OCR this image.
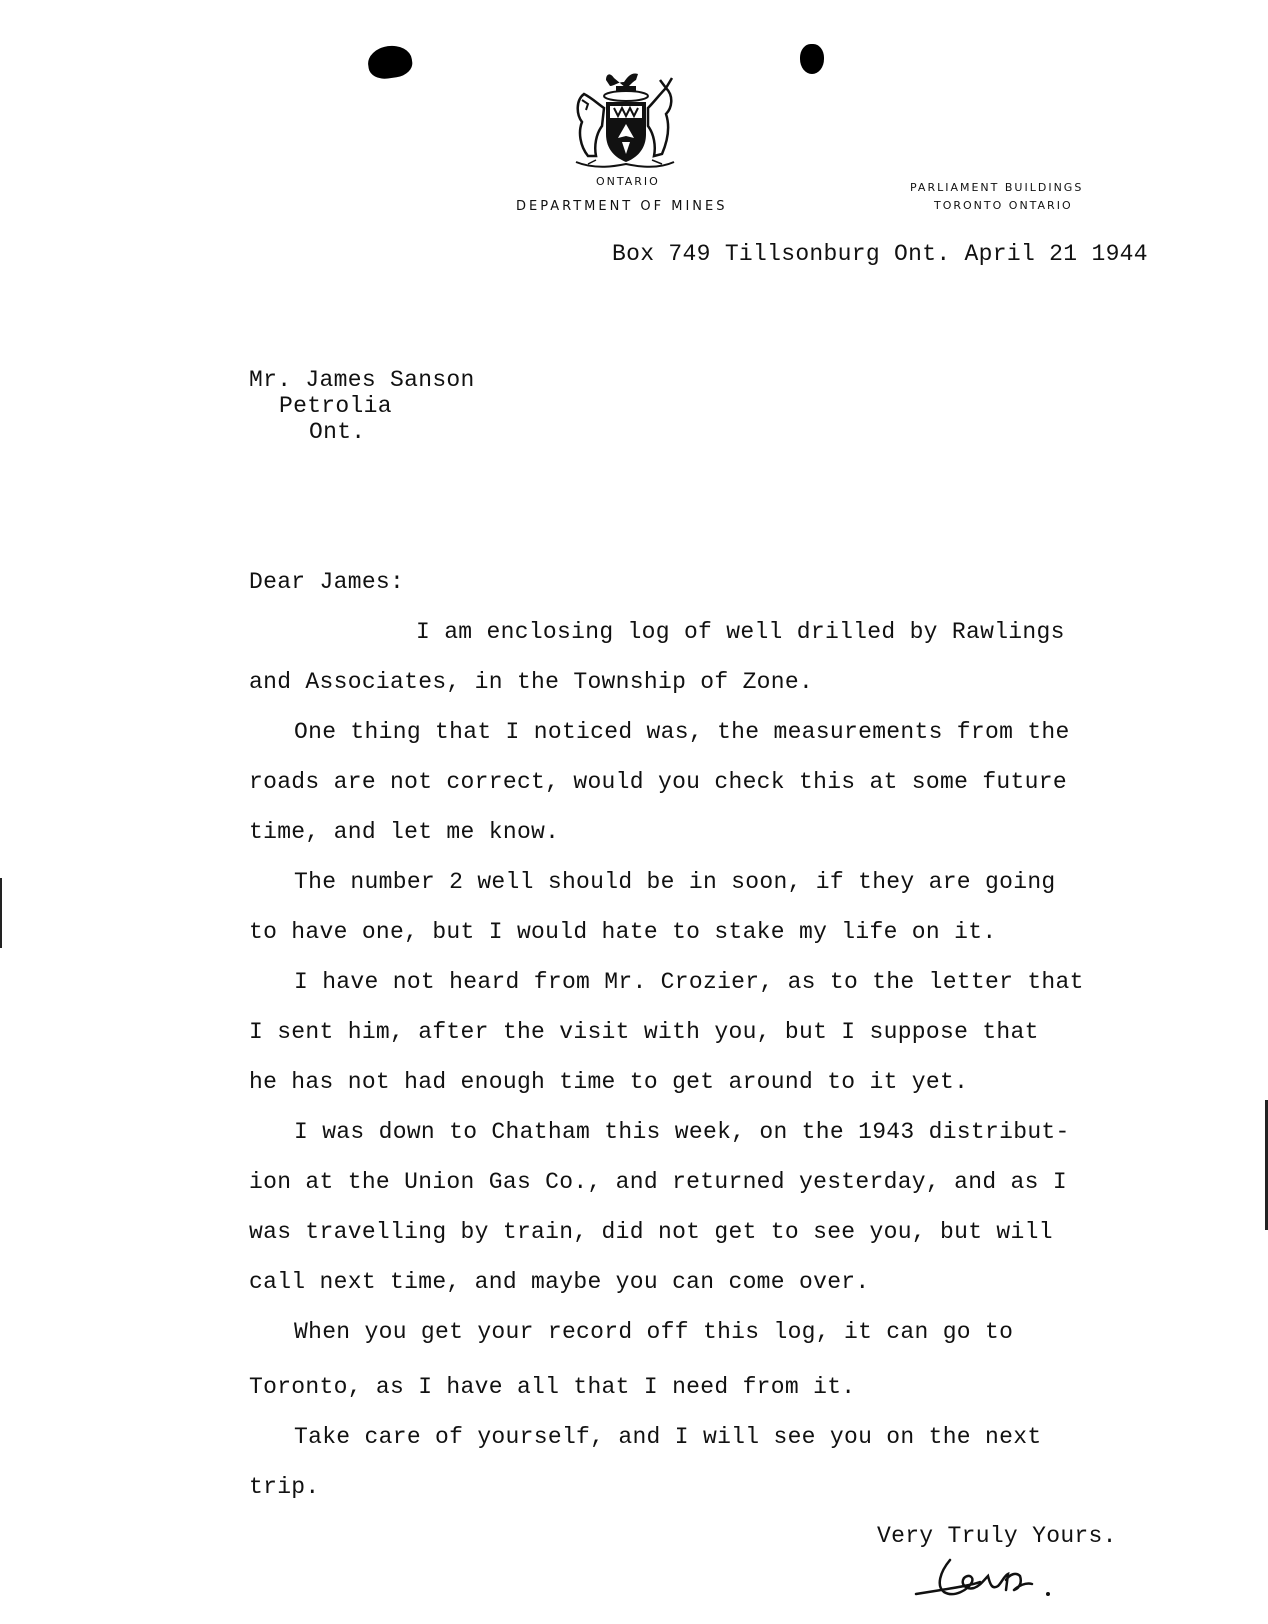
ONTARIO
DEPARTMENT OF MINES
PARLIAMENT BUILDINGS
TORONTO ONTARIO
Box 749 Tillsonburg Ont. April 21 1944
Mr. James Sanson
Petrolia
Ont.
Dear James:
I am enclosing log of well drilled by Rawlings
and Associates, in the Township of Zone.
One thing that I noticed was, the measurements from the
roads are not correct, would you check this at some future
time, and let me know.
The number 2 well should be in soon, if they are going
to have one, but I would hate to stake my life on it.
I have not heard from Mr. Crozier, as to the letter that
I sent him, after the visit with you, but I suppose that
he has not had enough time to get around to it yet.
I was down to Chatham this week, on the 1943 distribut-
ion at the Union Gas Co., and returned yesterday, and as I
was travelling by train, did not get to see you, but will
call next time, and maybe you can come over.
When you get your record off this log, it can go to
Toronto, as I have all that I need from it.
Take care of yourself, and I will see you on the next
trip.
Very Truly Yours.
